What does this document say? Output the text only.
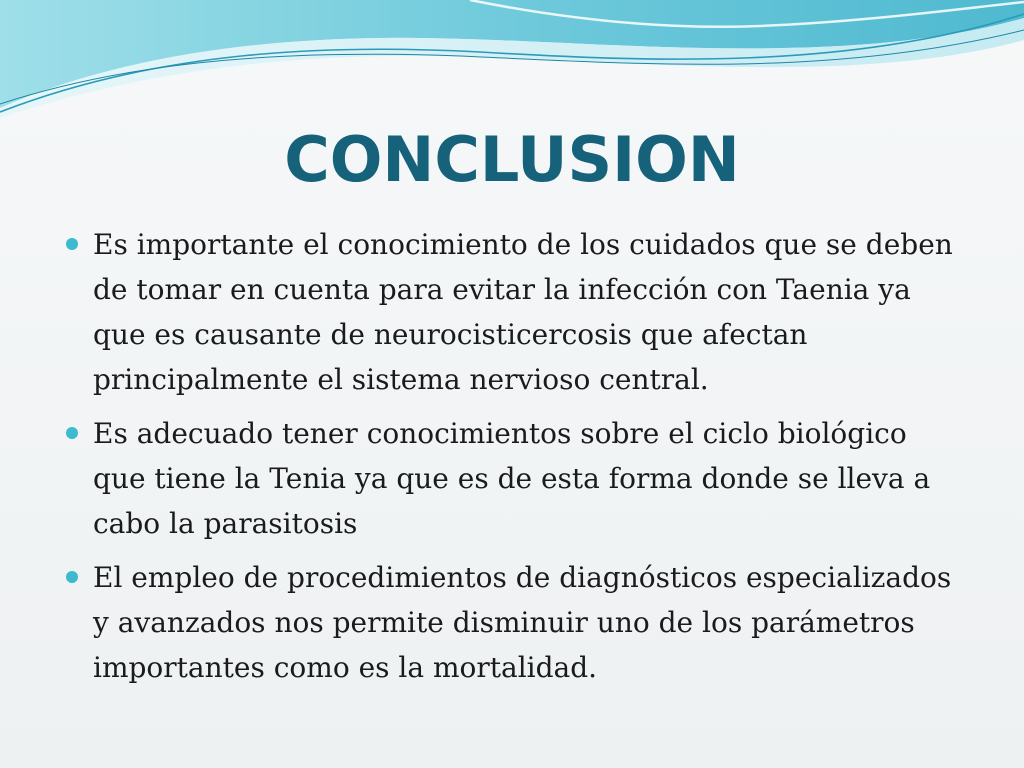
CONCLUSION
Es importante el conocimiento de los cuidados que se deben de tomar en cuenta para evitar la infección con Taenia ya que es causante de neurocisticercosis que afectan principalmente el sistema nervioso central.
Es adecuado tener conocimientos sobre el ciclo biológico que tiene la Tenia ya que es de esta forma donde se lleva a cabo la parasitosis
El empleo de procedimientos de diagnósticos especializados y avanzados nos permite disminuir uno de los parámetros importantes como es la mortalidad.
